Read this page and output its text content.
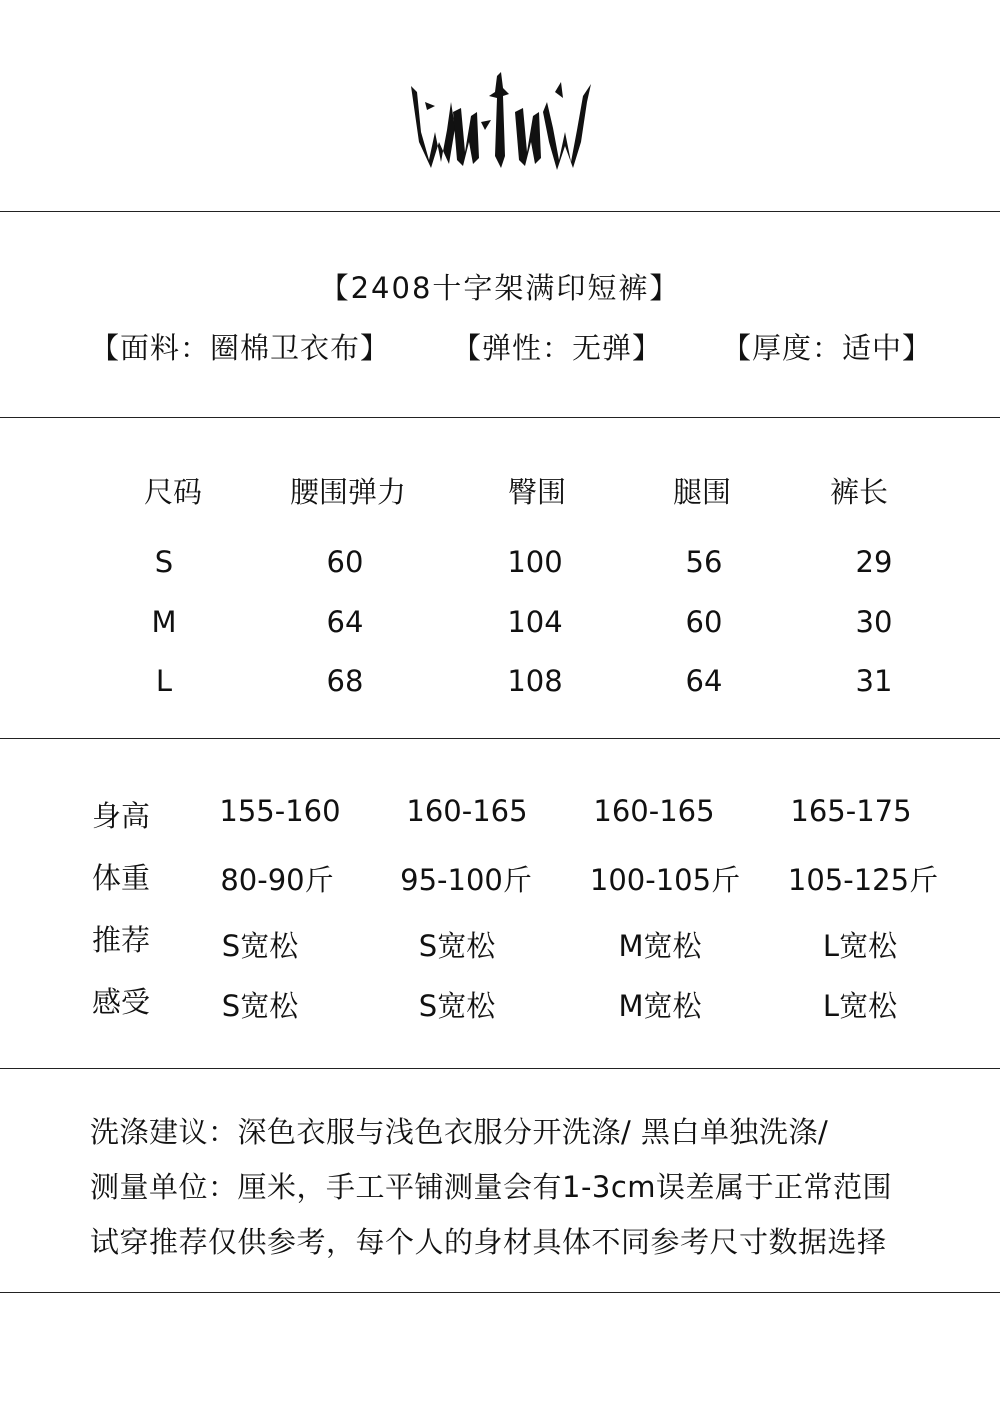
【2408十字架满印短裤】
【面料：圈棉卫衣布】 【弹性：无弹】 【厚度：适中】
尺码	腰围弹力	臀围	腿围	裤长
S	60	100	56	29
M	64	104	60	30
L	68	108	64	31
身高	155-160	160-165	160-165	165-175
体重	80-90斤	95-100斤	100-105斤 105-125斤
推荐	S宽松	S宽松	M宽松	L宽松
感受	S宽松	S宽松	M宽松	L宽松
洗涤建议：深色衣服与浅色衣服分开洗涤/ 黑白单独洗涤/
测量单位：厘米，手工平铺测量会有1-3cm误差属于正常范围
试穿推荐仅供参考，每个人的身材具体不同参考尺寸数据选择
